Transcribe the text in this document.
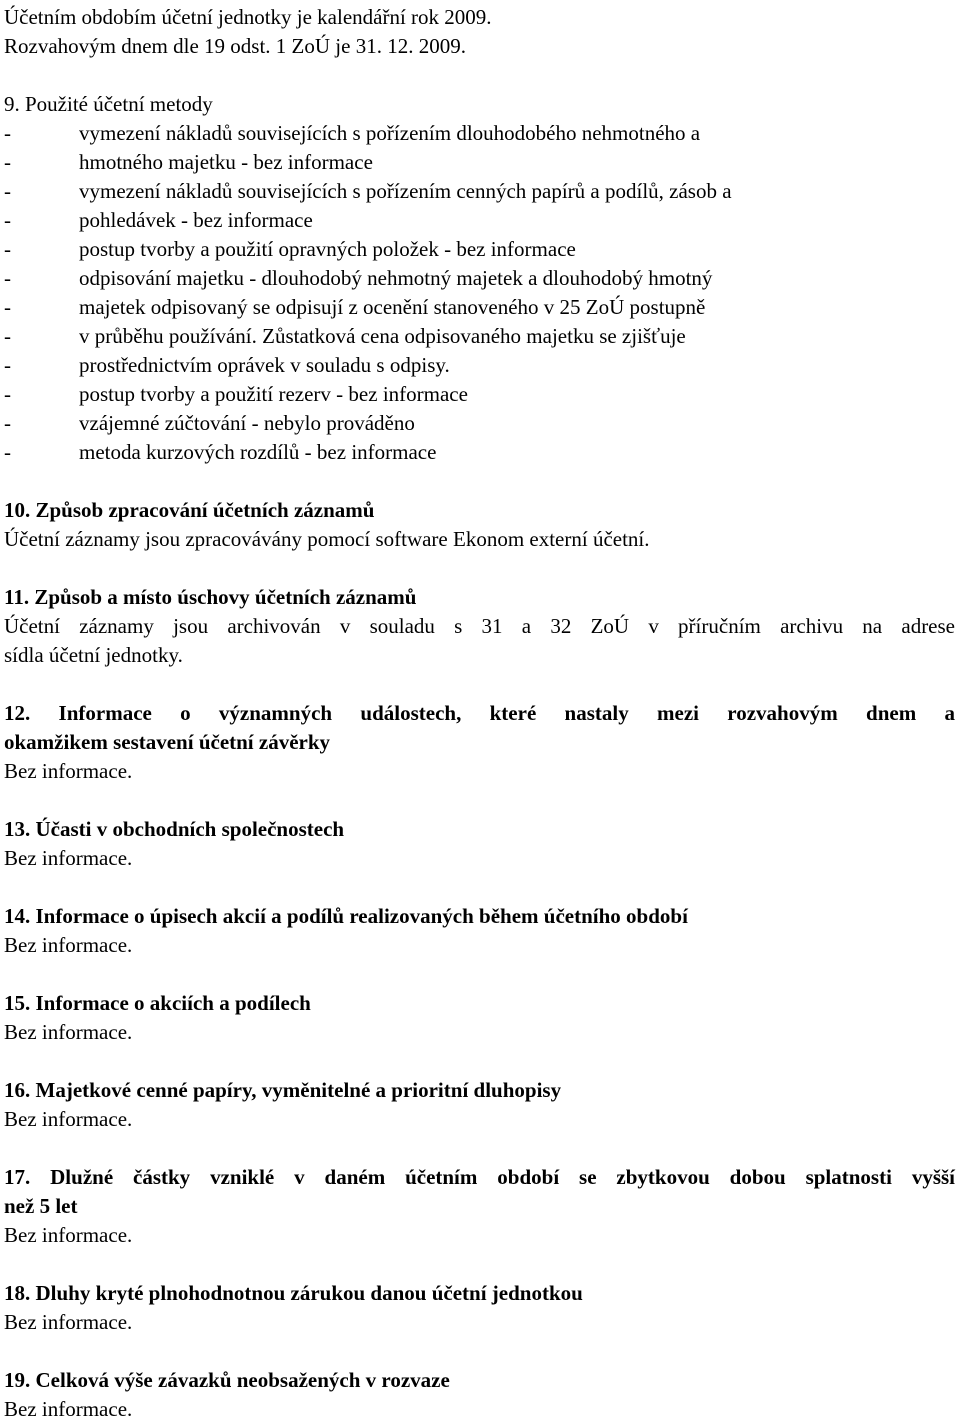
Účetním obdobím účetní jednotky je kalendářní rok 2009.
Rozvahovým dnem dle 19 odst. 1 ZoÚ je 31. 12. 2009.
9. Použité účetní metody
-	vymezení nákladů souvisejících s pořízením dlouhodobého nehmotného a
-	hmotného majetku - bez informace
-	vymezení nákladů souvisejících s pořízením cenných papírů a podílů, zásob a
-	pohledávek - bez informace
-	postup tvorby a použití opravných položek - bez informace
-	odpisování majetku - dlouhodobý nehmotný majetek a dlouhodobý hmotný
-	majetek odpisovaný se odpisují z ocenění stanoveného v 25 ZoÚ postupně
-	v průběhu používání. Zůstatková cena odpisovaného majetku se zjišťuje
-	prostřednictvím oprávek v souladu s odpisy.
-	postup tvorby a použití rezerv - bez informace
-	vzájemné zúčtování - nebylo prováděno
-	metoda kurzových rozdílů - bez informace
10. Způsob zpracování účetních záznamů
Účetní záznamy jsou zpracovávány pomocí software Ekonom externí účetní.
11. Způsob a místo úschovy účetních záznamů
Účetní záznamy jsou archivován v souladu s 31 a 32 ZoÚ v příručním archivu na adrese
sídla účetní jednotky.
12. Informace o významných událostech, které nastaly mezi rozvahovým dnem a
okamžikem sestavení účetní závěrky
Bez informace.
13. Účasti v obchodních společnostech
Bez informace.
14. Informace o úpisech akcií a podílů realizovaných během účetního období
Bez informace.
15. Informace o akciích a podílech
Bez informace.
16. Majetkové cenné papíry, vyměnitelné a prioritní dluhopisy
Bez informace.
17. Dlužné částky vzniklé v daném účetním období se zbytkovou dobou splatnosti vyšší
než 5 let
Bez informace.
18. Dluhy kryté plnohodnotnou zárukou danou účetní jednotkou
Bez informace.
19. Celková výše závazků neobsažených v rozvaze
Bez informace.
